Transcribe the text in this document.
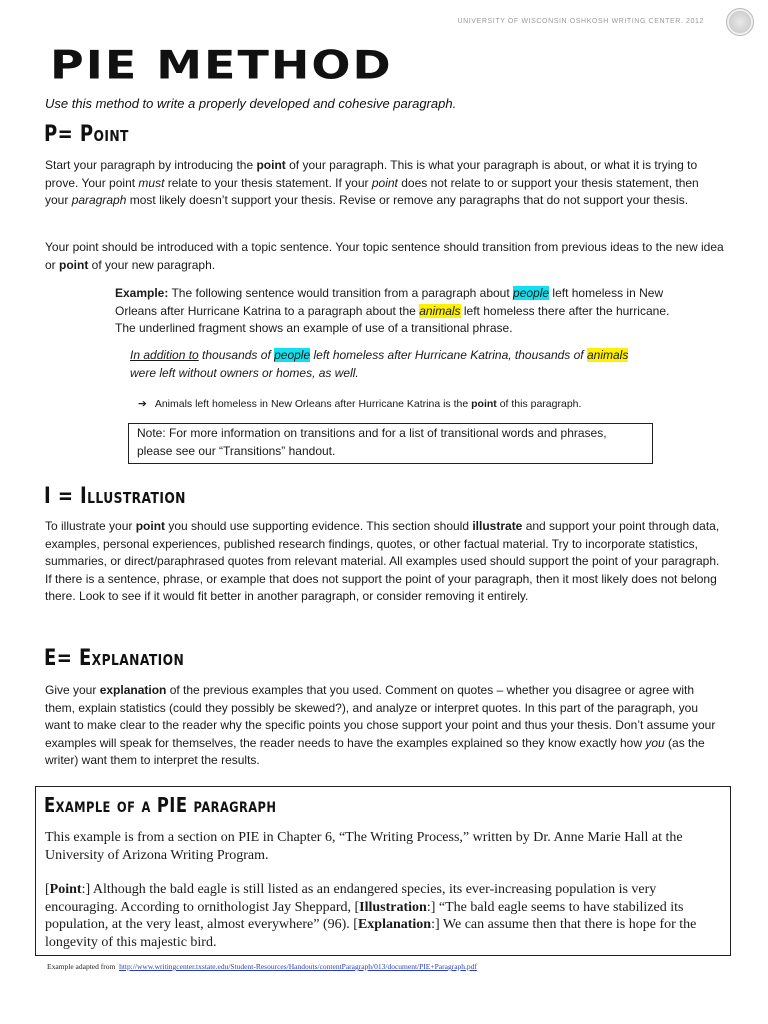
UNIVERSITY OF WISCONSIN OSHKOSH WRITING CENTER. 2012
PIE METHOD
Use this method to write a properly developed and cohesive paragraph.
P= Point
Start your paragraph by introducing the point of your paragraph. This is what your paragraph is about, or what it is trying to prove. Your point must relate to your thesis statement. If your point does not relate to or support your thesis statement, then your paragraph most likely doesn’t support your thesis. Revise or remove any paragraphs that do not support your thesis.
Your point should be introduced with a topic sentence. Your topic sentence should transition from previous ideas to the new idea or point of your new paragraph.
Example: The following sentence would transition from a paragraph about people left homeless in New Orleans after Hurricane Katrina to a paragraph about the animals left homeless there after the hurricane. The underlined fragment shows an example of use of a transitional phrase.
In addition to thousands of people left homeless after Hurricane Katrina, thousands of animals were left without owners or homes, as well.
➔ Animals left homeless in New Orleans after Hurricane Katrina is the point of this paragraph.
Note: For more information on transitions and for a list of transitional words and phrases, please see our “Transitions” handout.
I = Illustration
To illustrate your point you should use supporting evidence. This section should illustrate and support your point through data, examples, personal experiences, published research findings, quotes, or other factual material. Try to incorporate statistics, summaries, or direct/paraphrased quotes from relevant material. All examples used should support the point of your paragraph. If there is a sentence, phrase, or example that does not support the point of your paragraph, then it most likely does not belong there. Look to see if it would fit better in another paragraph, or consider removing it entirely.
E= Explanation
Give your explanation of the previous examples that you used. Comment on quotes – whether you disagree or agree with them, explain statistics (could they possibly be skewed?), and analyze or interpret quotes. In this part of the paragraph, you want to make clear to the reader why the specific points you chose support your point and thus your thesis. Don’t assume your examples will speak for themselves, the reader needs to have the examples explained so they know exactly how you (as the writer) want them to interpret the results.
Example of a PIE paragraph
This example is from a section on PIE in Chapter 6, “The Writing Process,” written by Dr. Anne Marie Hall at the University of Arizona Writing Program.
[Point:] Although the bald eagle is still listed as an endangered species, its ever-increasing population is very encouraging. According to ornithologist Jay Sheppard, [Illustration:] “The bald eagle seems to have stabilized its population, at the very least, almost everywhere” (96). [Explanation:] We can assume then that there is hope for the longevity of this majestic bird.
Example adapted from http://www.writingcenter.txstate.edu/Student-Resources/Handouts/contentParagraph/013/document/PIE+Paragraph.pdf
